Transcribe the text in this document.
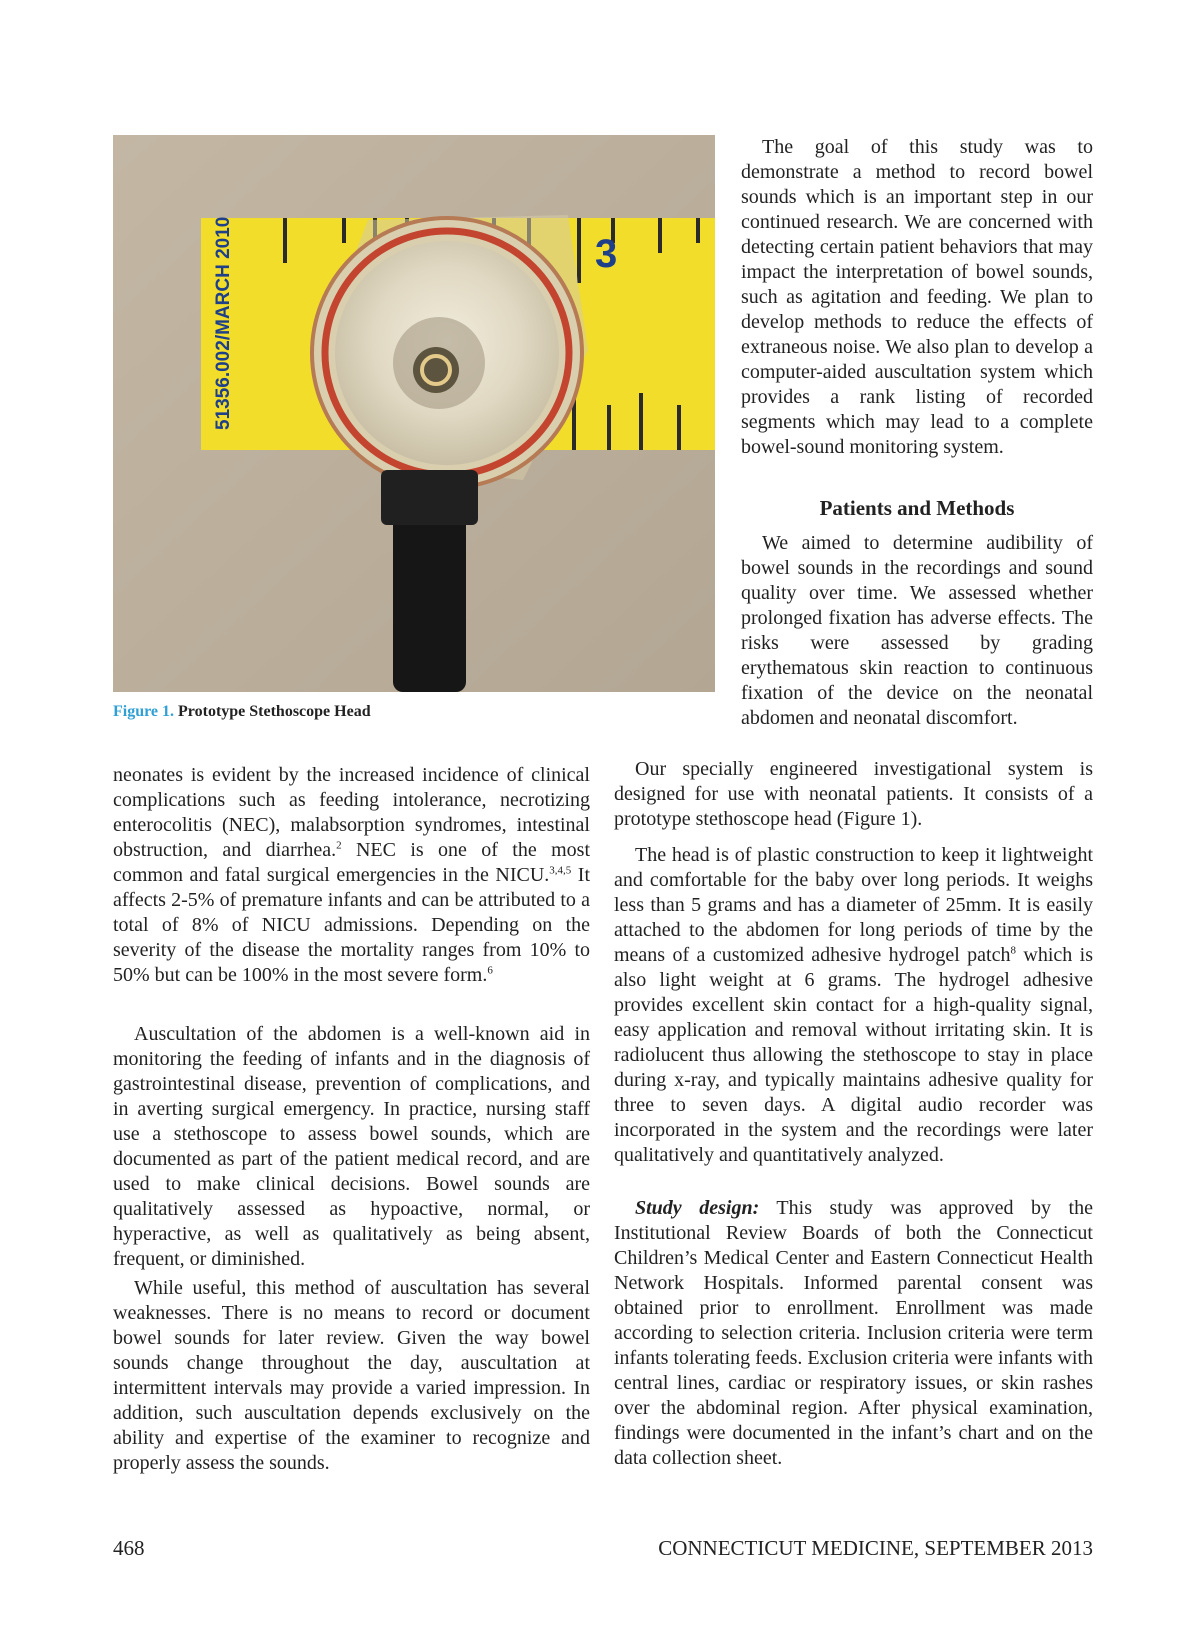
3
51356.002/MARCH 2010

Figure 1. Prototype Stethoscope Head

The goal of this study was to demonstrate a method to record bowel sounds which is an important step in our continued research. We are concerned with detecting certain patient behaviors that may impact the interpretation of bowel sounds, such as agitation and feeding. We plan to develop methods to reduce the effects of extraneous noise. We also plan to develop a computer-aided auscultation system which provides a rank listing of recorded segments which may lead to a complete bowel-sound monitoring system.

Patients and Methods

We aimed to determine audibility of bowel sounds in the recordings and sound quality over time. We assessed whether prolonged fixation has adverse effects. The risks were assessed by grading erythematous skin reaction to continuous fixation of the device on the neonatal abdomen and neonatal discomfort.

Our specially engineered investigational system is designed for use with neonatal patients. It consists of a prototype stethoscope head (Figure 1).

The head is of plastic construction to keep it lightweight and comfortable for the baby over long periods. It weighs less than 5 grams and has a diameter of 25mm. It is easily attached to the abdomen for long periods of time by the means of a customized adhesive hydrogel patch$^8$ which is also light weight at 6 grams. The hydrogel adhesive provides excellent skin contact for a high-quality signal, easy application and removal without irritating skin. It is radiolucent thus allowing the stethoscope to stay in place during x-ray, and typically maintains adhesive quality for three to seven days. A digital audio recorder was incorporated in the system and the recordings were later qualitatively and quantitatively analyzed.

Study design: This study was approved by the Institutional Review Boards of both the Connecticut Children’s Medical Center and Eastern Connecticut Health Network Hospitals. Informed parental consent was obtained prior to enrollment. Enrollment was made according to selection criteria. Inclusion criteria were term infants tolerating feeds. Exclusion criteria were infants with central lines, cardiac or respiratory issues, or skin rashes over the abdominal region. After physical examination, findings were documented in the infant’s chart and on the data collection sheet.

neonates is evident by the increased incidence of clinical complications such as feeding intolerance, necrotizing enterocolitis (NEC), malabsorption syndromes, intestinal obstruction, and diarrhea.$^2$ NEC is one of the most common and fatal surgical emergencies in the NICU.$^{3,4,5}$ It affects 2-5% of premature infants and can be attributed to a total of 8% of NICU admissions. Depending on the severity of the disease the mortality ranges from 10% to 50% but can be 100% in the most severe form.$^6$

Auscultation of the abdomen is a well-known aid in monitoring the feeding of infants and in the diagnosis of gastrointestinal disease, prevention of complications, and in averting surgical emergency. In practice, nursing staff use a stethoscope to assess bowel sounds, which are documented as part of the patient medical record, and are used to make clinical decisions. Bowel sounds are qualitatively assessed as hypoactive, normal, or hyperactive, as well as qualitatively as being absent, frequent, or diminished.

While useful, this method of auscultation has several weaknesses. There is no means to record or document bowel sounds for later review. Given the way bowel sounds change throughout the day, auscultation at intermittent intervals may provide a varied impression. In addition, such auscultation depends exclusively on the ability and expertise of the examiner to recognize and properly assess the sounds.

468	CONNECTICUT MEDICINE, SEPTEMBER 2013
